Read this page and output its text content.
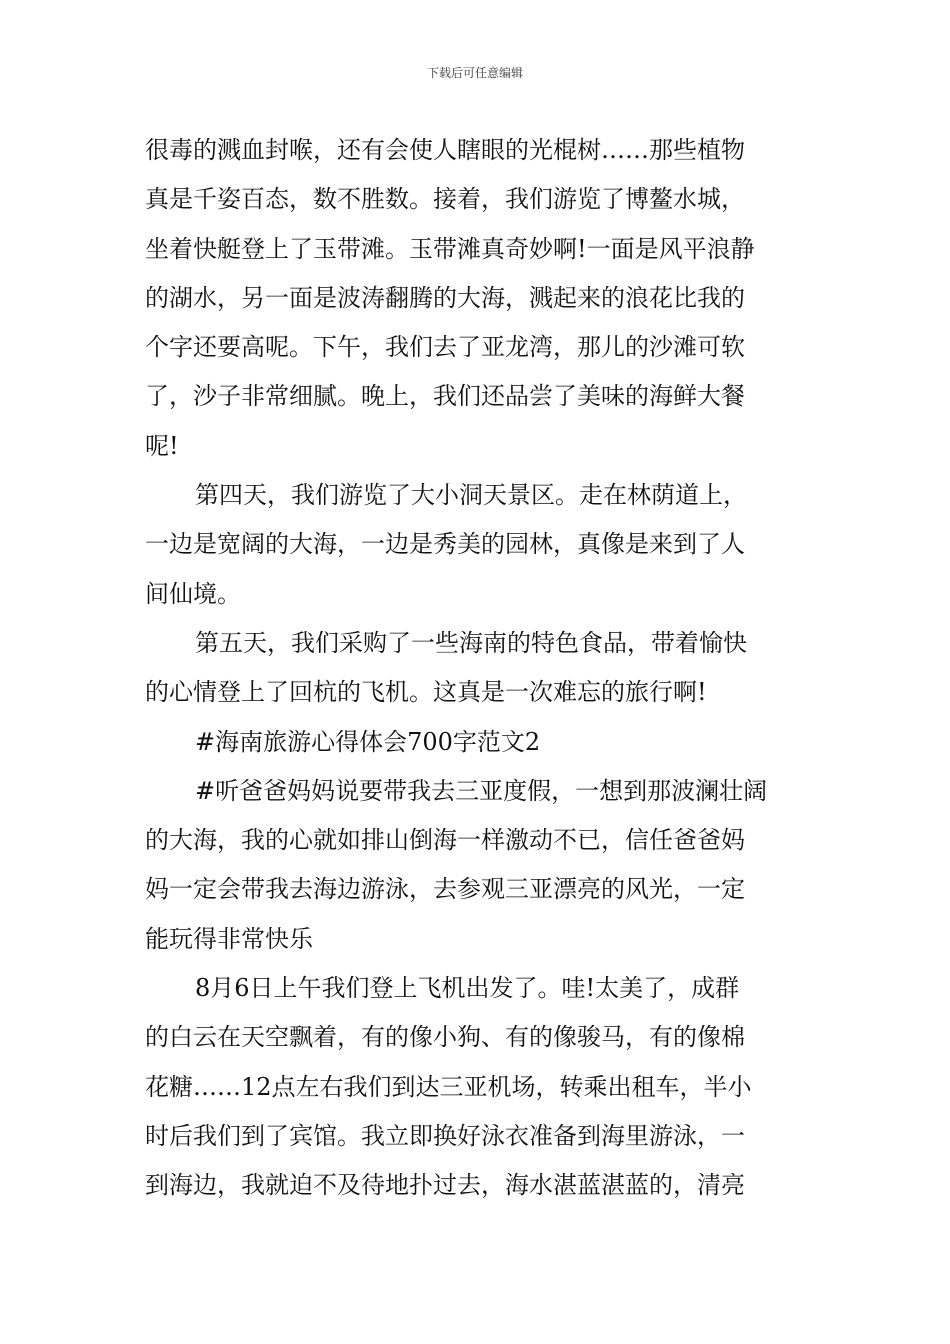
下载后可任意编辑
很毒的溅血封喉，还有会使人瞎眼的光棍树……那些植物
真是千姿百态，数不胜数。接着，我们游览了博鳌水城，
坐着快艇登上了玉带滩。玉带滩真奇妙啊!一面是风平浪静
的湖水，另一面是波涛翻腾的大海，溅起来的浪花比我的
个字还要高呢。下午，我们去了亚龙湾，那儿的沙滩可软
了，沙子非常细腻。晚上，我们还品尝了美味的海鲜大餐
呢!
第四天，我们游览了大小洞天景区。走在林荫道上，
一边是宽阔的大海，一边是秀美的园林，真像是来到了人
间仙境。
第五天，我们采购了一些海南的特色食品，带着愉快
的心情登上了回杭的飞机。这真是一次难忘的旅行啊!
#海南旅游心得体会700字范文2
#听爸爸妈妈说要带我去三亚度假，一想到那波澜壮阔
的大海，我的心就如排山倒海一样激动不已，信任爸爸妈
妈一定会带我去海边游泳，去参观三亚漂亮的风光，一定
能玩得非常快乐
8月6日上午我们登上飞机出发了。哇!太美了，成群
的白云在天空飘着，有的像小狗、有的像骏马，有的像棉
花糖……12点左右我们到达三亚机场，转乘出租车，半小
时后我们到了宾馆。我立即换好泳衣准备到海里游泳，一
到海边，我就迫不及待地扑过去，海水湛蓝湛蓝的，清亮
